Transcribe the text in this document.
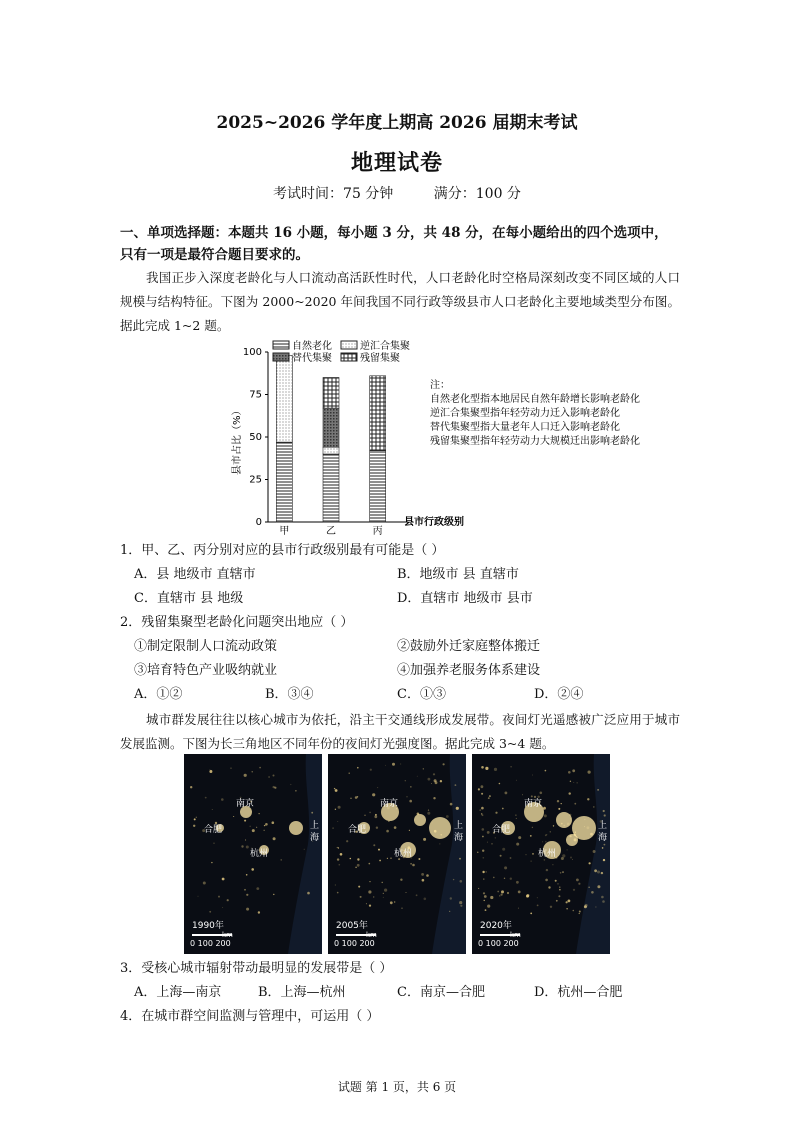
2025~2026 学年度上期高 2026 届期末考试
地理试卷
考试时间：75 分钟	满分：100 分
一、单项选择题：本题共 16 小题，每小题 3 分，共 48 分，在每小题给出的四个选项中，只有一项是最符合题目要求的。
我国正步入深度老龄化与人口流动高活跃性时代，人口老龄化时空格局深刻改变不同区域的人口规模与结构特征。下图为 2000~2020 年间我国不同行政等级县市人口老龄化主要地域类型分布图。据此完成 1~2 题。
0
25
50
75
100
甲	乙	丙
自然老化	逆汇合集聚
替代集聚	残留集聚
注：
自然老化型指本地居民自然年龄增长影响老龄化
逆汇合集聚型指年轻劳动力迁入影响老龄化
替代集聚型指大量老年人口迁入影响老龄化
残留集聚型指年轻劳动力大规模迁出影响老龄化
县市占比（%）
县市行政级别
1．甲、乙、丙分别对应的县市行政级别最有可能是（ ）
A．县 地级市 直辖市	B．地级市 县 直辖市
C．直辖市 县 地级	D．直辖市 地级市 县市
2．残留集聚型老龄化问题突出地应（ ）
①制定限制人口流动政策	②鼓励外迁家庭整体搬迁
③培育特色产业吸纳就业	④加强养老服务体系建设
A．①②	B．③④	C．①③	D．②④
城市群发展往往以核心城市为依托，沿主干交通线形成发展带。夜间灯光遥感被广泛应用于城市发展监测。下图为长三角地区不同年份的夜间灯光强度图。据此完成 3~4 题。
南京
合肥	上海
杭州
1990年
km
0 100 200
南京
合肥	上海
杭州
2005年
km
0 100 200
南京
合肥	上海
杭州
2020年
km
0 100 200
3．受核心城市辐射带动最明显的发展带是（ ）
A．上海—南京	B．上海—杭州	C．南京—合肥	D．杭州—合肥
4．在城市群空间监测与管理中，可运用（ ）
试题 第 1 页，共 6 页
